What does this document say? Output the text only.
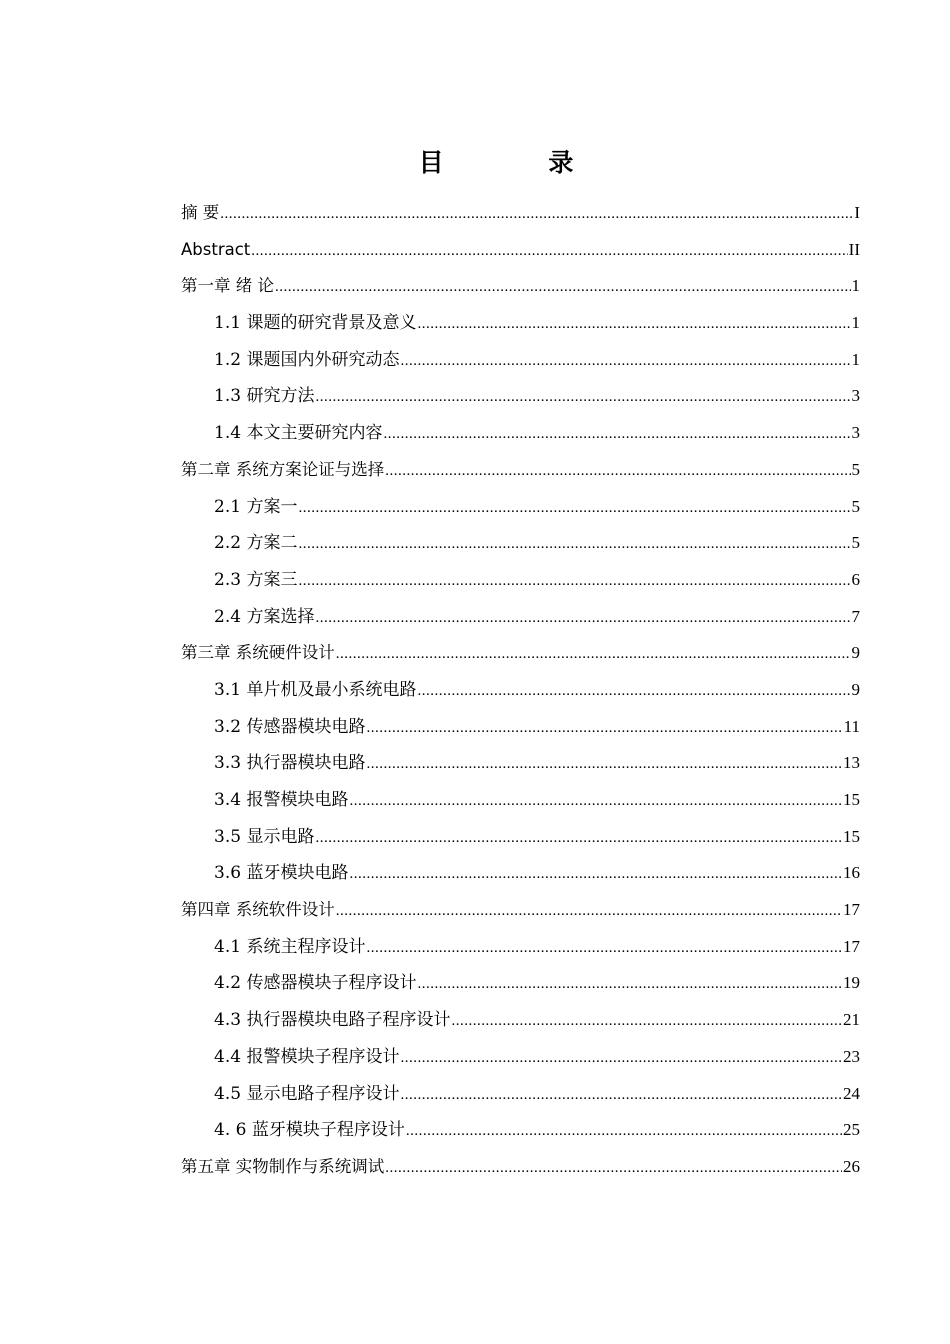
目 录
摘 要 .....	I
Abstract .....	II
第一章 绪 论 .....	1
1.1 课题的研究背景及意义 .....	1
1.2 课题国内外研究动态 .....	1
1.3 研究方法 .....	3
1.4 本文主要研究内容 .....	3
第二章 系统方案论证与选择 .....	5
2.1 方案一 .....	5
2.2 方案二 .....	5
2.3 方案三 .....	6
2.4 方案选择 .....	7
第三章 系统硬件设计 .....	9
3.1 单片机及最小系统电路 .....	9
3.2 传感器模块电路 .....	11
3.3 执行器模块电路 .....	13
3.4 报警模块电路 .....	15
3.5 显示电路 .....	15
3.6 蓝牙模块电路 .....	16
第四章 系统软件设计 .....	17
4.1 系统主程序设计 .....	17
4.2 传感器模块子程序设计 .....	19
4.3 执行器模块电路子程序设计 .....	21
4.4 报警模块子程序设计 .....	23
4.5 显示电路子程序设计 .....	24
4. 6 蓝牙模块子程序设计 .....	25
第五章 实物制作与系统调试 .....	26
